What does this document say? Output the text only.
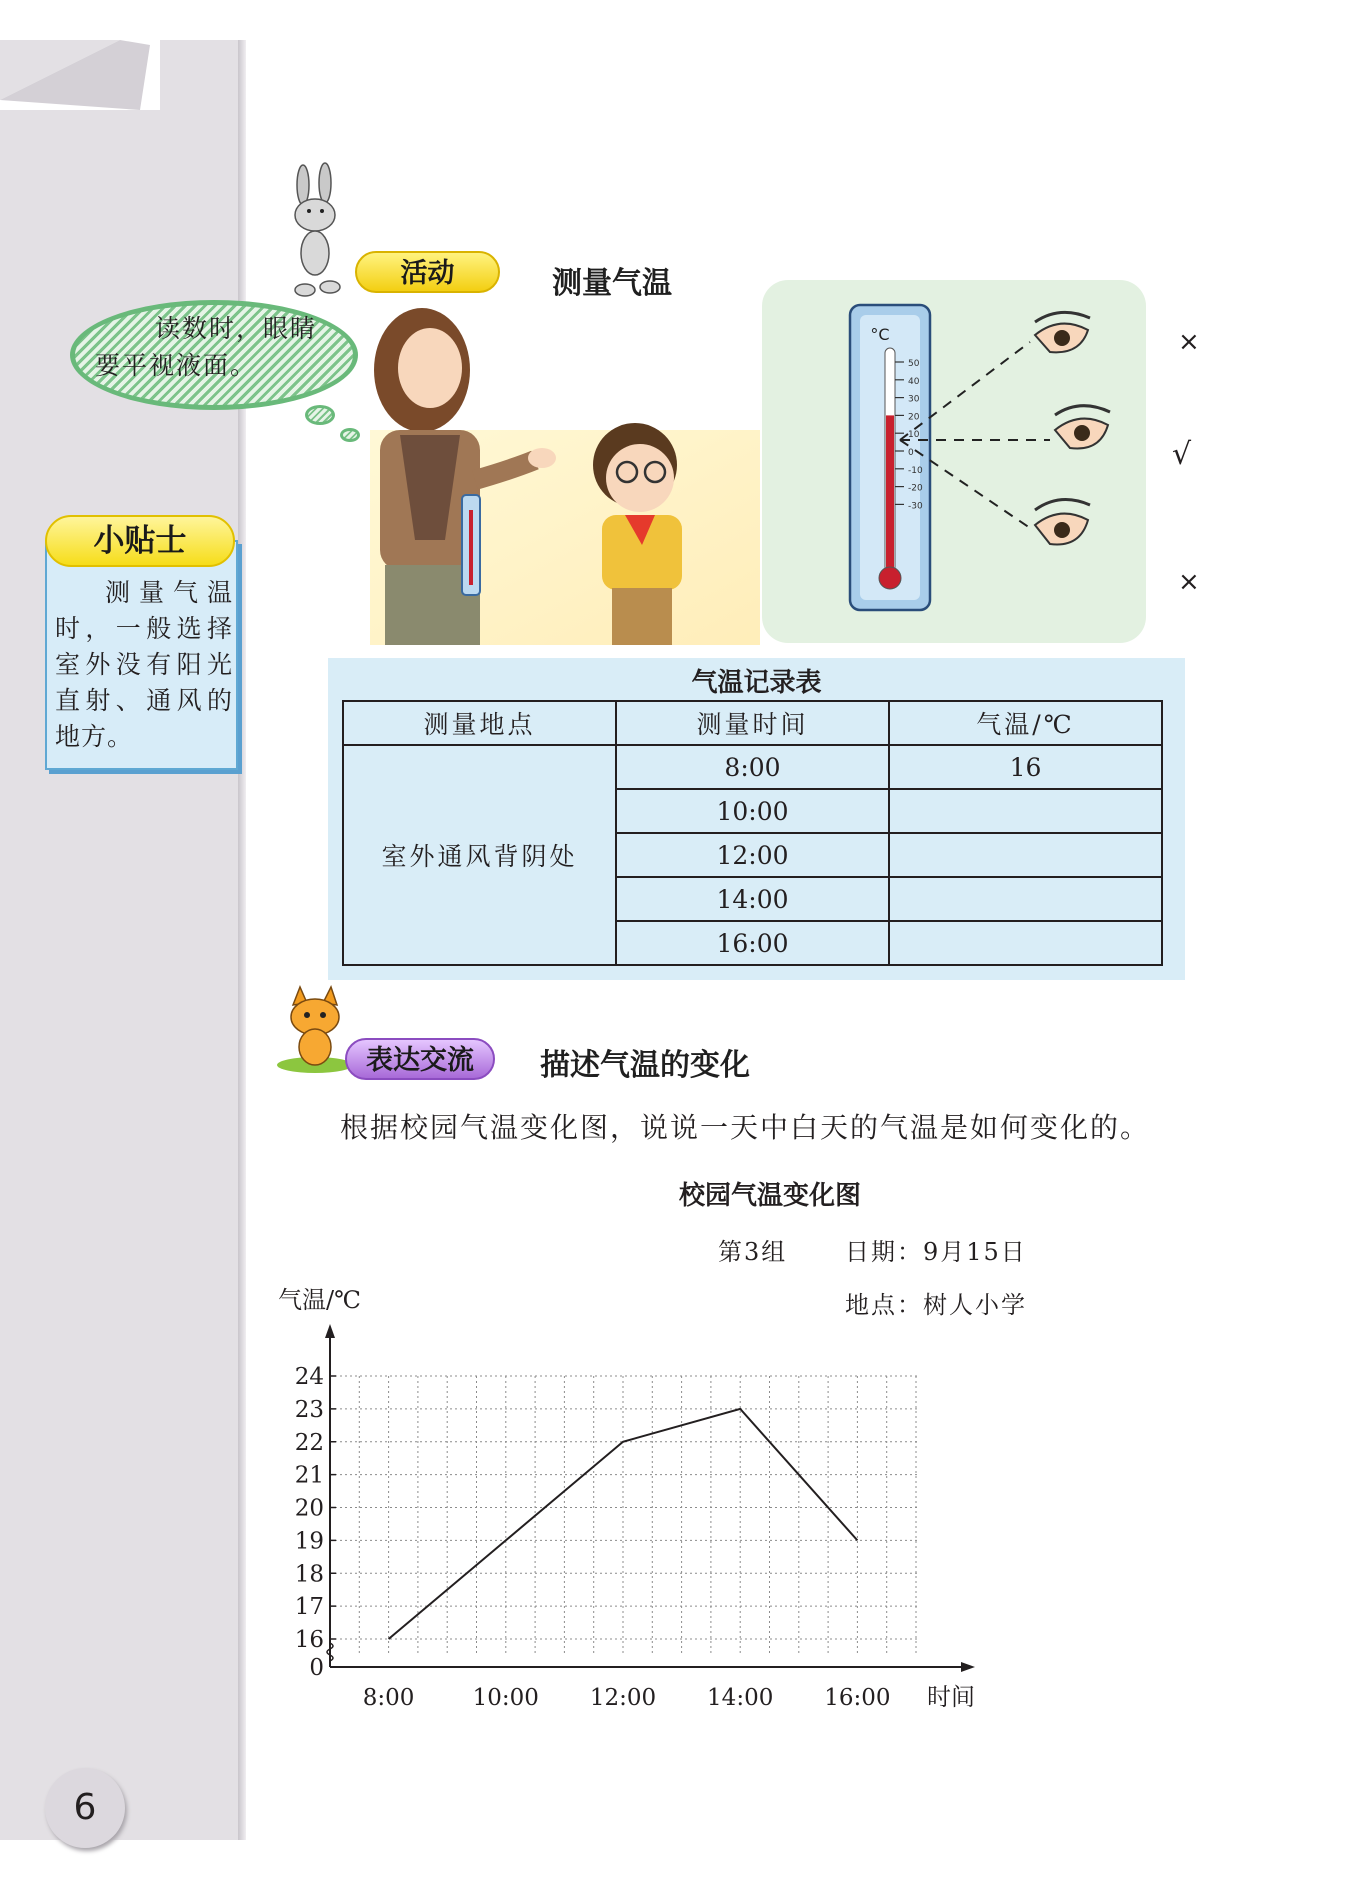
读数时，眼睛
要平视液面。
小贴士
测量气温时，一般选择室外没有阳光直射、通风的地方。
活动	测量气温
°C
50
40
30
20
10
0
-10
-20
-30
×
√
×
气温记录表
测量地点	测量时间	气温/℃
室外通风背阴处	8:00	16
	10:00	
	12:00	
	14:00	
	16:00	
表达交流	描述气温的变化
根据校园气温变化图，说说一天中白天的气温是如何变化的。
校园气温变化图
第3组 日期：9月15日
地点：树人小学
0
16
17
18
19
20
21
22
23
24
8:00	10:00 12:00 14:00 16:00
气温/℃
时间
6
